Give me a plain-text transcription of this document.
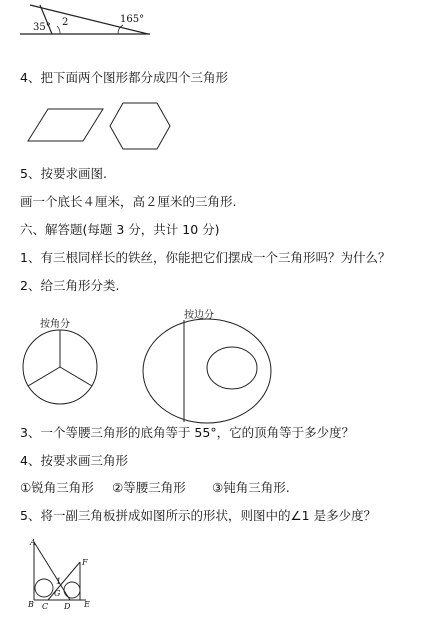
35° 2	165°
4、把下面两个图形都分成四个三角形
5、按要求画图.
画一个底长４厘米，高２厘米的三角形.
六、解答题(每题 3 分，共计 10 分)
1、有三根同样长的铁丝，你能把它们摆成一个三角形吗？为什么？
2、给三角形分类.
按角分
按边分
3、一个等腰三角形的底角等于 55°，它的顶角等于多少度？
4、按要求画三角形
①锐角三角形 ②等腰三角形 ③钝角三角形.
5、将一副三角板拼成如图所示的形状，则图中的∠1 是多少度？
A
F
1
G
B C D E
